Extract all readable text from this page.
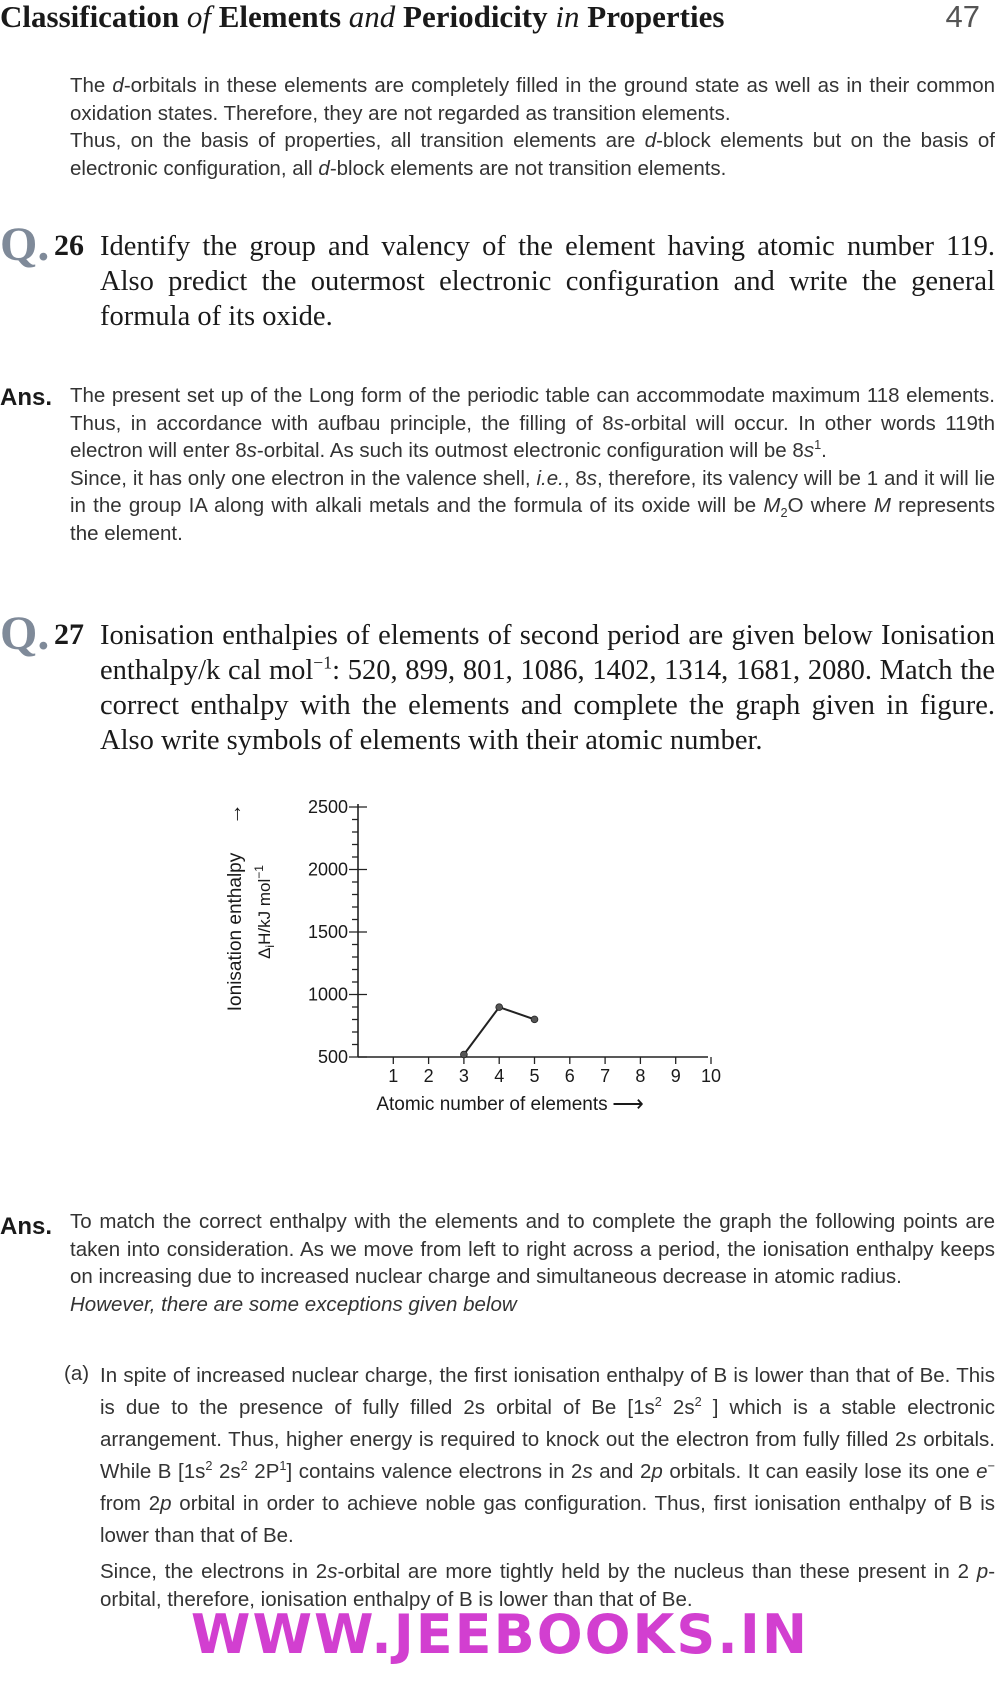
Classification of Elements and Periodicity in Properties	47

The d-orbitals in these elements are completely filled in the ground state as well as in their common oxidation states. Therefore, they are not regarded as transition elements.

Thus, on the basis of properties, all transition elements are d-block elements but on the basis of electronic configuration, all d-block elements are not transition elements.

Q. 26 Identify the group and valency of the element having atomic number 119. Also predict the outermost electronic configuration and write the general formula of its oxide.

Ans. The present set up of the Long form of the periodic table can accommodate maximum 118 elements. Thus, in accordance with aufbau principle, the filling of 8s-orbital will occur. In other words 119th electron will enter 8s-orbital. As such its outmost electronic configuration will be $8s^1$.

Since, it has only one electron in the valence shell, i.e., 8s, therefore, its valency will be 1 and it will lie in the group IA along with alkali metals and the formula of its oxide will be $M_2O$ where M represents the element.

Q. 27 Ionisation enthalpies of elements of second period are given below Ionisation enthalpy/k cal mol$^{-1}$: 520, 899, 801, 1086, 1402, 1314, 1681, 2080. Match the correct enthalpy with the elements and complete the graph given in figure. Also write symbols of elements with their atomic number.

500
1000
1500
2000
2500
1 2 3 4 5 6 7 8 9 10
Atomic number of elements ⟶
Ionisation enthalpy
→
$\Delta_iH/kJ$ mol$^{-1}$
Ans. To match the correct enthalpy with the elements and to complete the graph the following points are taken into consideration. As we move from left to right across a period, the ionisation enthalpy keeps on increasing due to increased nuclear charge and simultaneous decrease in atomic radius.

However, there are some exceptions given below

(a) In spite of increased nuclear charge, the first ionisation enthalpy of B is lower than that of Be. This is due to the presence of fully filled 2s orbital of Be [$1s^2$ $2s^2$ ] which is a stable electronic arrangement. Thus, higher energy is required to knock out the electron from fully filled 2s orbitals. While B [$1s^2$ $2s^2$ $2P^1$] contains valence electrons in 2s and 2p orbitals. It can easily lose its one e− from 2p orbital in order to achieve noble gas configuration. Thus, first ionisation enthalpy of B is lower than that of Be.

Since, the electrons in 2s-orbital are more tightly held by the nucleus than these present in 2 p-orbital, therefore, ionisation enthalpy of B is lower than that of Be.

WWW.JEEBOOKS.IN
